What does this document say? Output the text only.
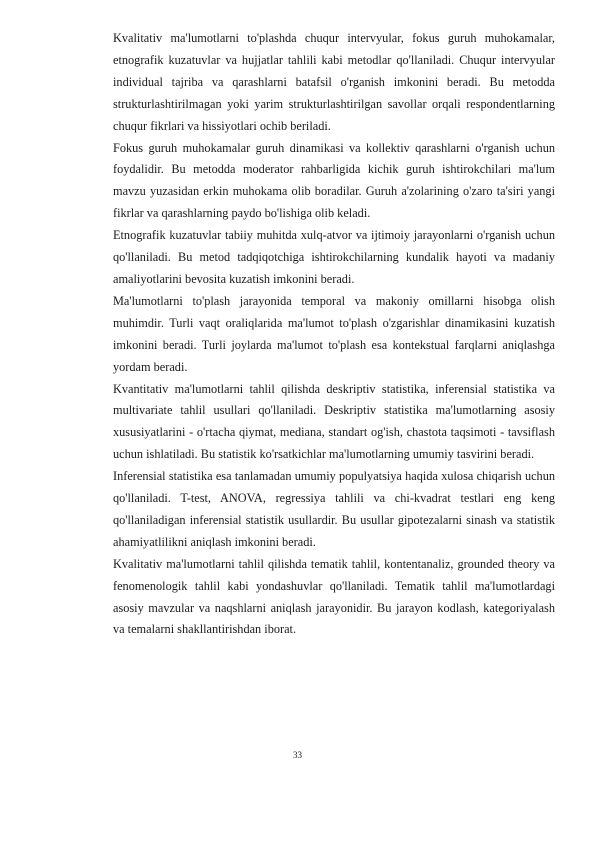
Kvalitativ ma'lumotlarni to'plashda chuqur intervyular, fokus guruh muhokamalar, etnografik kuzatuvlar va hujjatlar tahlili kabi metodlar qo'llaniladi. Chuqur intervyular individual tajriba va qarashlarni batafsil o'rganish imkonini beradi. Bu metodda strukturlashtirilmagan yoki yarim strukturlashtirilgan savollar orqali respondentlarning chuqur fikrlari va hissiyotlari ochib beriladi.

Fokus guruh muhokamalar guruh dinamikasi va kollektiv qarashlarni o'rganish uchun foydalidir. Bu metodda moderator rahbarligida kichik guruh ishtirokchilari ma'lum mavzu yuzasidan erkin muhokama olib boradilar. Guruh a'zolarining o'zaro ta'siri yangi fikrlar va qarashlarning paydo bo'lishiga olib keladi.

Etnografik kuzatuvlar tabiiy muhitda xulq-atvor va ijtimoiy jarayonlarni o'rganish uchun qo'llaniladi. Bu metod tadqiqotchiga ishtirokchilarning kundalik hayoti va madaniy amaliyotlarini bevosita kuzatish imkonini beradi.

Ma'lumotlarni to'plash jarayonida temporal va makoniy omillarni hisobga olish muhimdir. Turli vaqt oraliqlarida ma'lumot to'plash o'zgarishlar dinamikasini kuzatish imkonini beradi. Turli joylarda ma'lumot to'plash esa kontekstual farqlarni aniqlashga yordam beradi.

Kvantitativ ma'lumotlarni tahlil qilishda deskriptiv statistika, inferensial statistika va multivariate tahlil usullari qo'llaniladi. Deskriptiv statistika ma'lumotlarning asosiy xususiyatlarini - o'rtacha qiymat, mediana, standart og'ish, chastota taqsimoti - tavsiflash uchun ishlatiladi. Bu statistik ko'rsatkichlar ma'lumotlarning umumiy tasvirini beradi.

Inferensial statistika esa tanlamadan umumiy populyatsiya haqida xulosa chiqarish uchun qo'llaniladi. T-test, ANOVA, regressiya tahlili va chi-kvadrat testlari eng keng qo'llaniladigan inferensial statistik usullardir. Bu usullar gipotezalarni sinash va statistik ahamiyatlilikni aniqlash imkonini beradi.

Kvalitativ ma'lumotlarni tahlil qilishda tematik tahlil, kontentanaliz, grounded theory va fenomenologik tahlil kabi yondashuvlar qo'llaniladi. Tematik tahlil ma'lumotlardagi asosiy mavzular va naqshlarni aniqlash jarayonidir. Bu jarayon kodlash, kategoriyalash va temalarni shakllantirishdan iborat.

33
